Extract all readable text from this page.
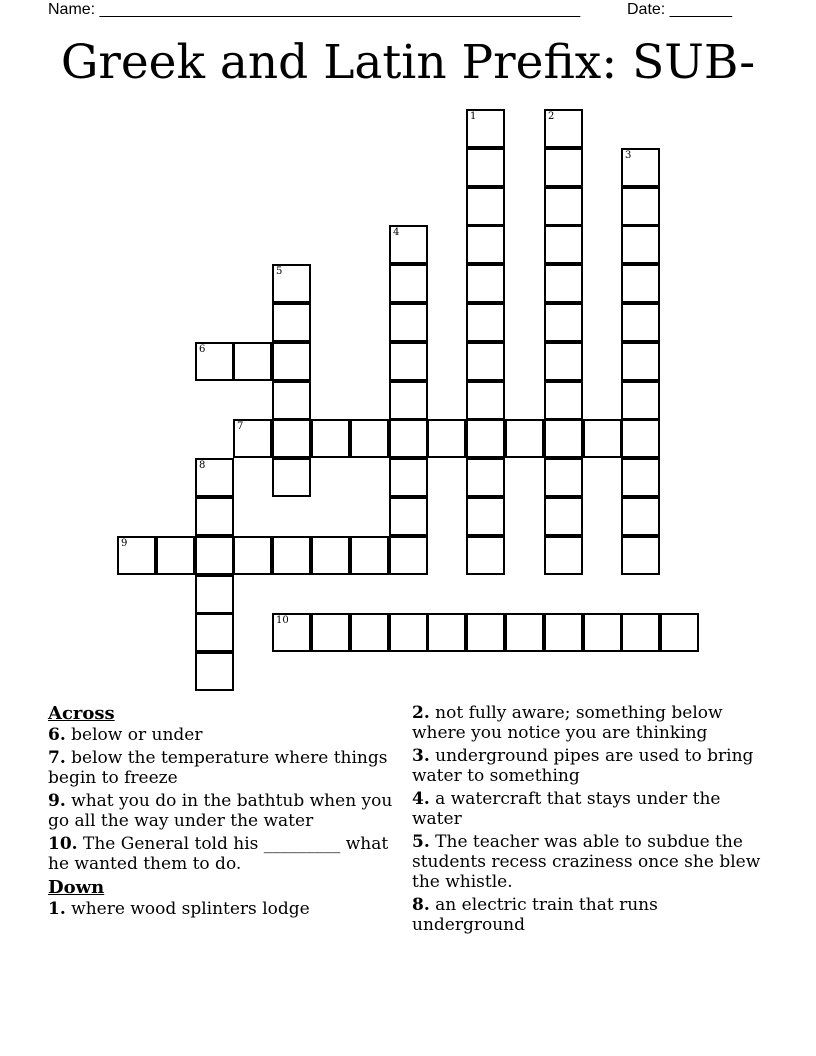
Name: ______________________________________________________	Date: _______
Greek and Latin Prefix: SUB-
1	2
3
4
5
6
7
8
9
10
Across
6. below or under
7. below the temperature where things begin to freeze
9. what you do in the bathtub when you go all the way under the water
10. The General told his _________ what he wanted them to do.
Down
1. where wood splinters lodge
2. not fully aware; something below where you notice you are thinking
3. underground pipes are used to bring water to something
4. a watercraft that stays under the water
5. The teacher was able to subdue the students recess craziness once she blew the whistle.
8. an electric train that runs underground
